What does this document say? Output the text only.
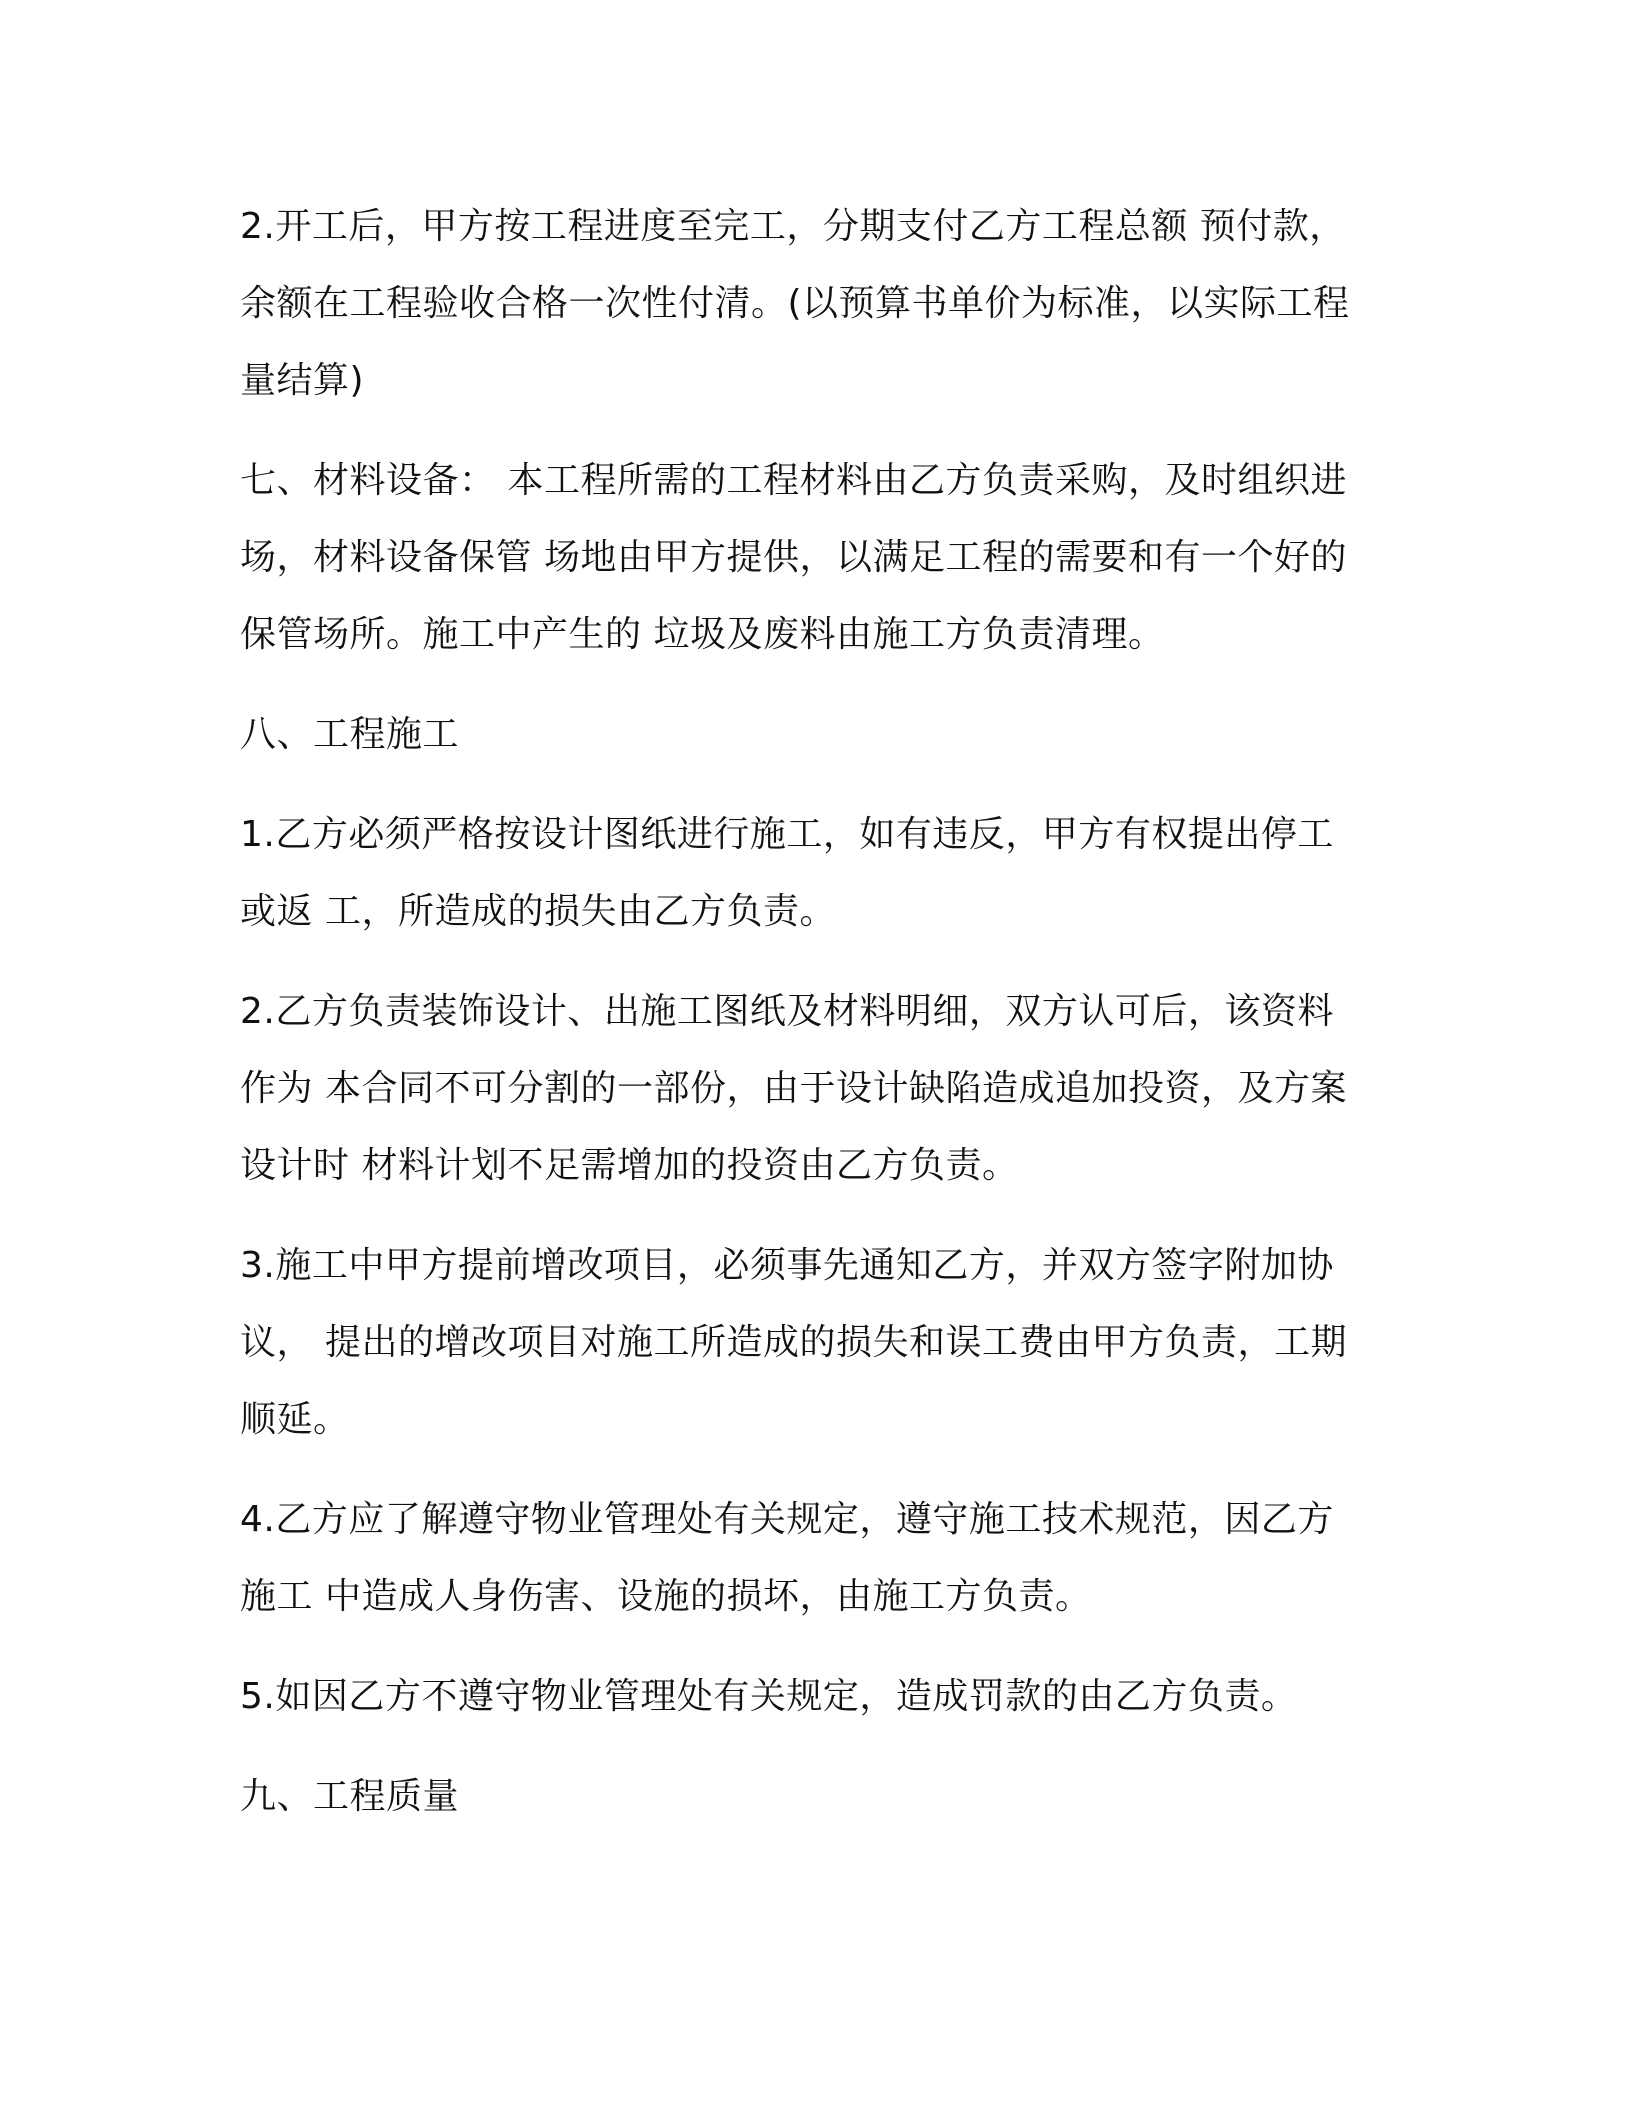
2.开工后，甲方按工程进度至完工，分期支付乙方工程总额 预付款，
余额在工程验收合格一次性付清。(以预算书单价为标准，以实际工程
量结算)

七、材料设备： 本工程所需的工程材料由乙方负责采购，及时组织进
场，材料设备保管 场地由甲方提供，以满足工程的需要和有一个好的
保管场所。施工中产生的 垃圾及废料由施工方负责清理。

八、工程施工

1.乙方必须严格按设计图纸进行施工，如有违反，甲方有权提出停工
或返 工，所造成的损失由乙方负责。

2.乙方负责装饰设计、出施工图纸及材料明细，双方认可后，该资料
作为 本合同不可分割的一部份，由于设计缺陷造成追加投资，及方案
设计时 材料计划不足需增加的投资由乙方负责。

3.施工中甲方提前增改项目，必须事先通知乙方，并双方签字附加协
议， 提出的增改项目对施工所造成的损失和误工费由甲方负责，工期
顺延。

4.乙方应了解遵守物业管理处有关规定，遵守施工技术规范，因乙方
施工 中造成人身伤害、设施的损坏，由施工方负责。

5.如因乙方不遵守物业管理处有关规定，造成罚款的由乙方负责。

九、工程质量
